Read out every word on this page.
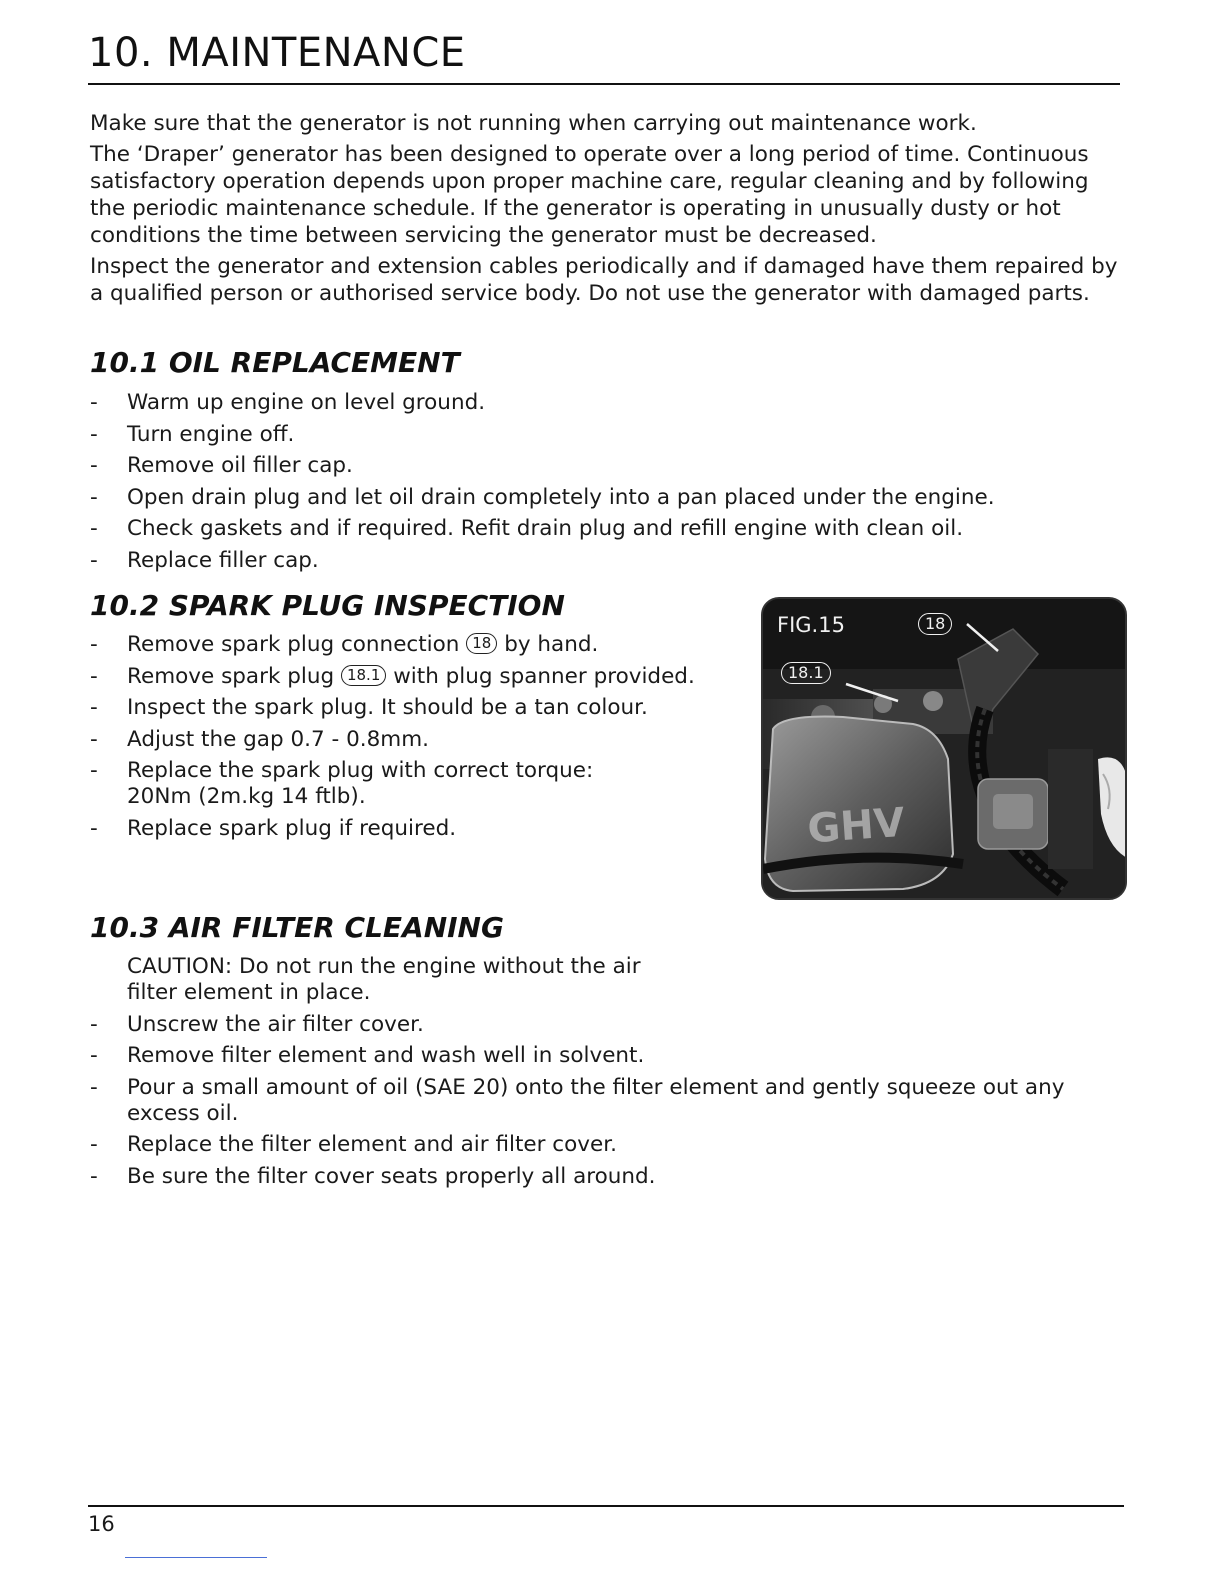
10. MAINTENANCE

Make sure that the generator is not running when carrying out maintenance work.

The ‘Draper’ generator has been designed to operate over a long period of time. Continuous satisfactory operation depends upon proper machine care, regular cleaning and by following the periodic maintenance schedule. If the generator is operating in unusually dusty or hot conditions the time between servicing the generator must be decreased.

Inspect the generator and extension cables periodically and if damaged have them repaired by a qualified person or authorised service body. Do not use the generator with damaged parts.

10.1 OIL REPLACEMENT
- Warm up engine on level ground.
- Turn engine off.
- Remove oil filler cap.
- Open drain plug and let oil drain completely into a pan placed under the engine.
- Check gaskets and if required. Refit drain plug and refill engine with clean oil.
- Replace filler cap.
10.2 SPARK PLUG INSPECTION
- Remove spark plug connection 18 by hand.
- Remove spark plug 18.1 with plug spanner provided.
- Inspect the spark plug. It should be a tan colour.
- Adjust the gap 0.7 - 0.8mm.
- Replace the spark plug with correct torque:
20Nm (2m.kg 14 ftlb).
- Replace spark plug if required.	GHV
FIG.15	18
18.1
10.3 AIR FILTER CLEANING
CAUTION: Do not run the engine without the air
filter element in place.
- Unscrew the air filter cover.
- Remove filter element and wash well in solvent.
- Pour a small amount of oil (SAE 20) onto the filter element and gently squeeze out any excess oil.
- Replace the filter element and air filter cover.
- Be sure the filter cover seats properly all around.
16
